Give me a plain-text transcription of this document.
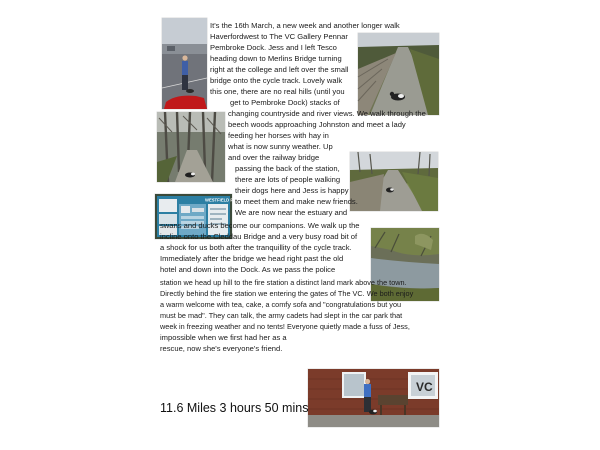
WESTFIELD PILL
VC
It's the 16th March, a new week and another longer walk
Haverfordwest to The VC Gallery Pennar
Pembroke Dock. Jess and I left Tesco
heading down to Merlins Bridge turning
right at the college and left over the small
bridge onto the cycle track. Lovely walk
this one, there are no real hills (until you
get to Pembroke Dock) stacks of
changing countryside and river views. We walk through the
beech woods approaching Johnston and meet a lady
feeding her horses with hay in
what is now sunny weather. Up
and over the railway bridge
passing the back of the station,
there are lots of people walking
their dogs here and Jess is happy
to meet them and make new friends.
We are now near the estuary and
swans and ducks become our companions. We walk up the
incline onto the Cleddau Bridge and a very busy road bit of
a shock for us both after the tranquillity of the cycle track.
Immediately after the bridge we head right past the old
hotel and down into the Dock. As we pass the police
station we head up hill to the fire station a distinct land mark above the town.
Directly behind the fire station we entering the gates of The VC. We both enjoy
a warm welcome with tea, cake, a comfy sofa and "congratulations but you
must be mad". They can talk, the army cadets had slept in the car park that
week in freezing weather and no tents! Everyone quietly made a fuss of Jess,
impossible when we first had her as a
rescue, now she's everyone's friend.
11.6 Miles 3 hours 50 mins
